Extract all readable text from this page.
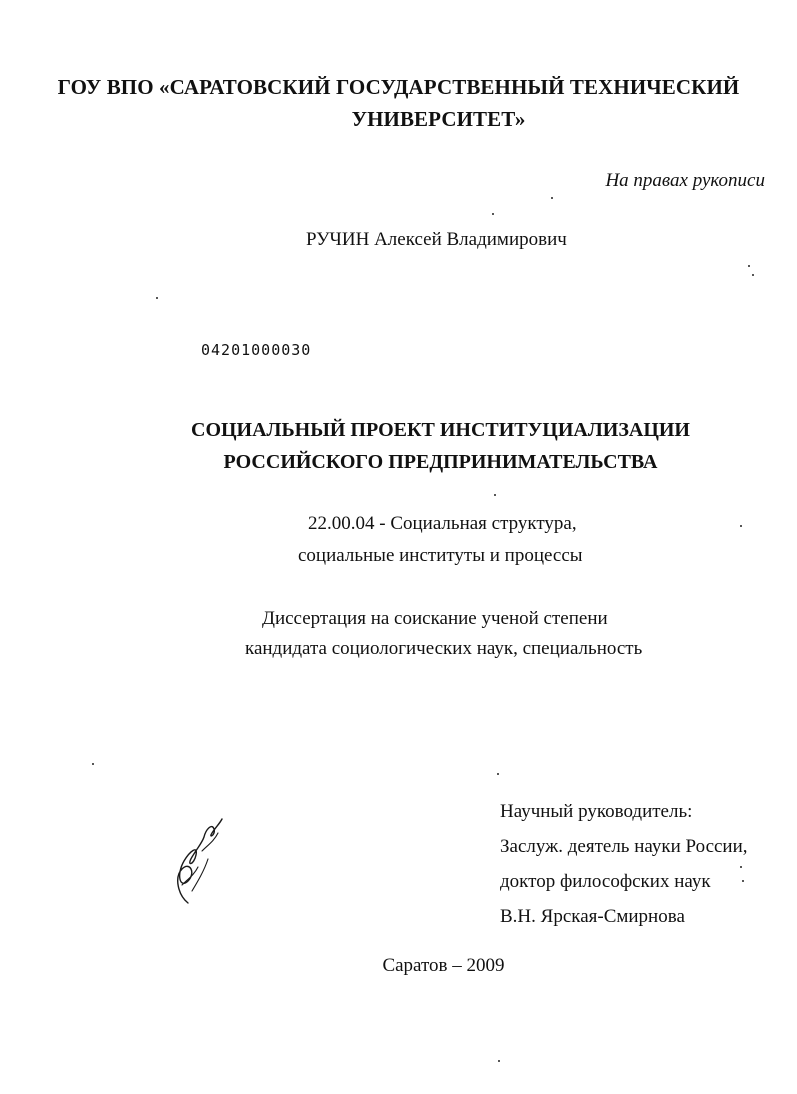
ГОУ ВПО «САРАТОВСКИЙ ГОСУДАРСТВЕННЫЙ ТЕХНИЧЕСКИЙ
УНИВЕРСИТЕТ»
На правах рукописи
РУЧИН Алексей Владимирович
04201000030
СОЦИАЛЬНЫЙ ПРОЕКТ ИНСТИТУЦИАЛИЗАЦИИ
РОССИЙСКОГО ПРЕДПРИНИМАТЕЛЬСТВА
22.00.04 - Социальная структура,
социальные институты и процессы
Диссертация на соискание ученой степени
кандидата социологических наук, специальность
Научный руководитель:
Заслуж. деятель науки России,
доктор философских наук
В.Н. Ярская-Смирнова
Саратов – 2009
